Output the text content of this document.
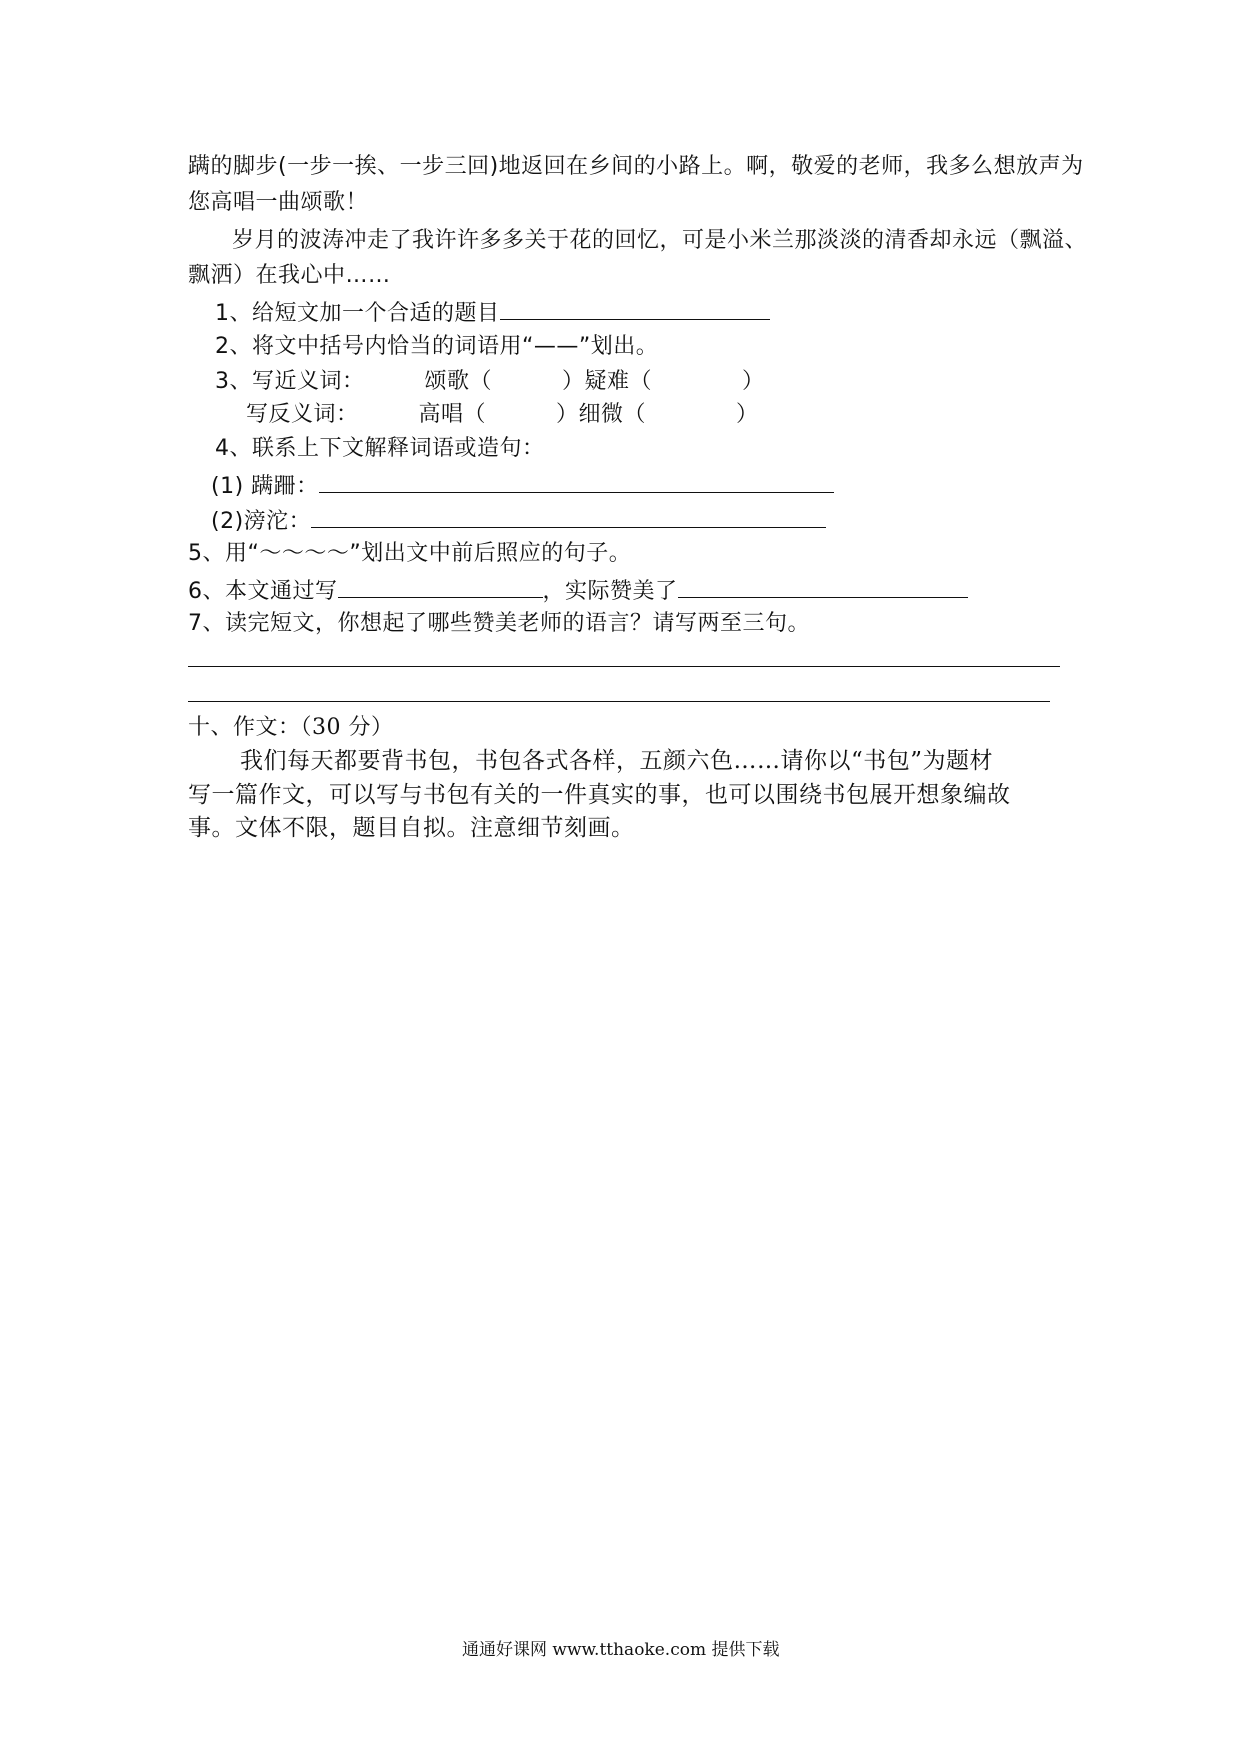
蹒的脚步(一步一挨、一步三回)地返回在乡间的小路上。啊，敬爱的老师，我多么想放声为
您高唱一曲颂歌！
岁月的波涛冲走了我许许多多关于花的回忆，可是小米兰那淡淡的清香却永远（飘溢、
飘洒）在我心中……
1、给短文加一个合适的题目
2、将文中括号内恰当的词语用“——”划出。
3、写近义词：	颂歌（	）疑难（	）
写反义词：	高唱（	）细微（	）
4、联系上下文解释词语或造句：
(1) 蹒跚：
(2)滂沱：
5、用“～～～～”划出文中前后照应的句子。
6、本文通过写	，实际赞美了
7、读完短文，你想起了哪些赞美老师的语言？请写两至三句。
十、作文：（30 分）
我们每天都要背书包，书包各式各样，五颜六色……请你以“书包”为题材
写一篇作文，可以写与书包有关的一件真实的事，也可以围绕书包展开想象编故
事。文体不限，题目自拟。注意细节刻画。
通通好课网 www.tthaoke.com 提供下载
